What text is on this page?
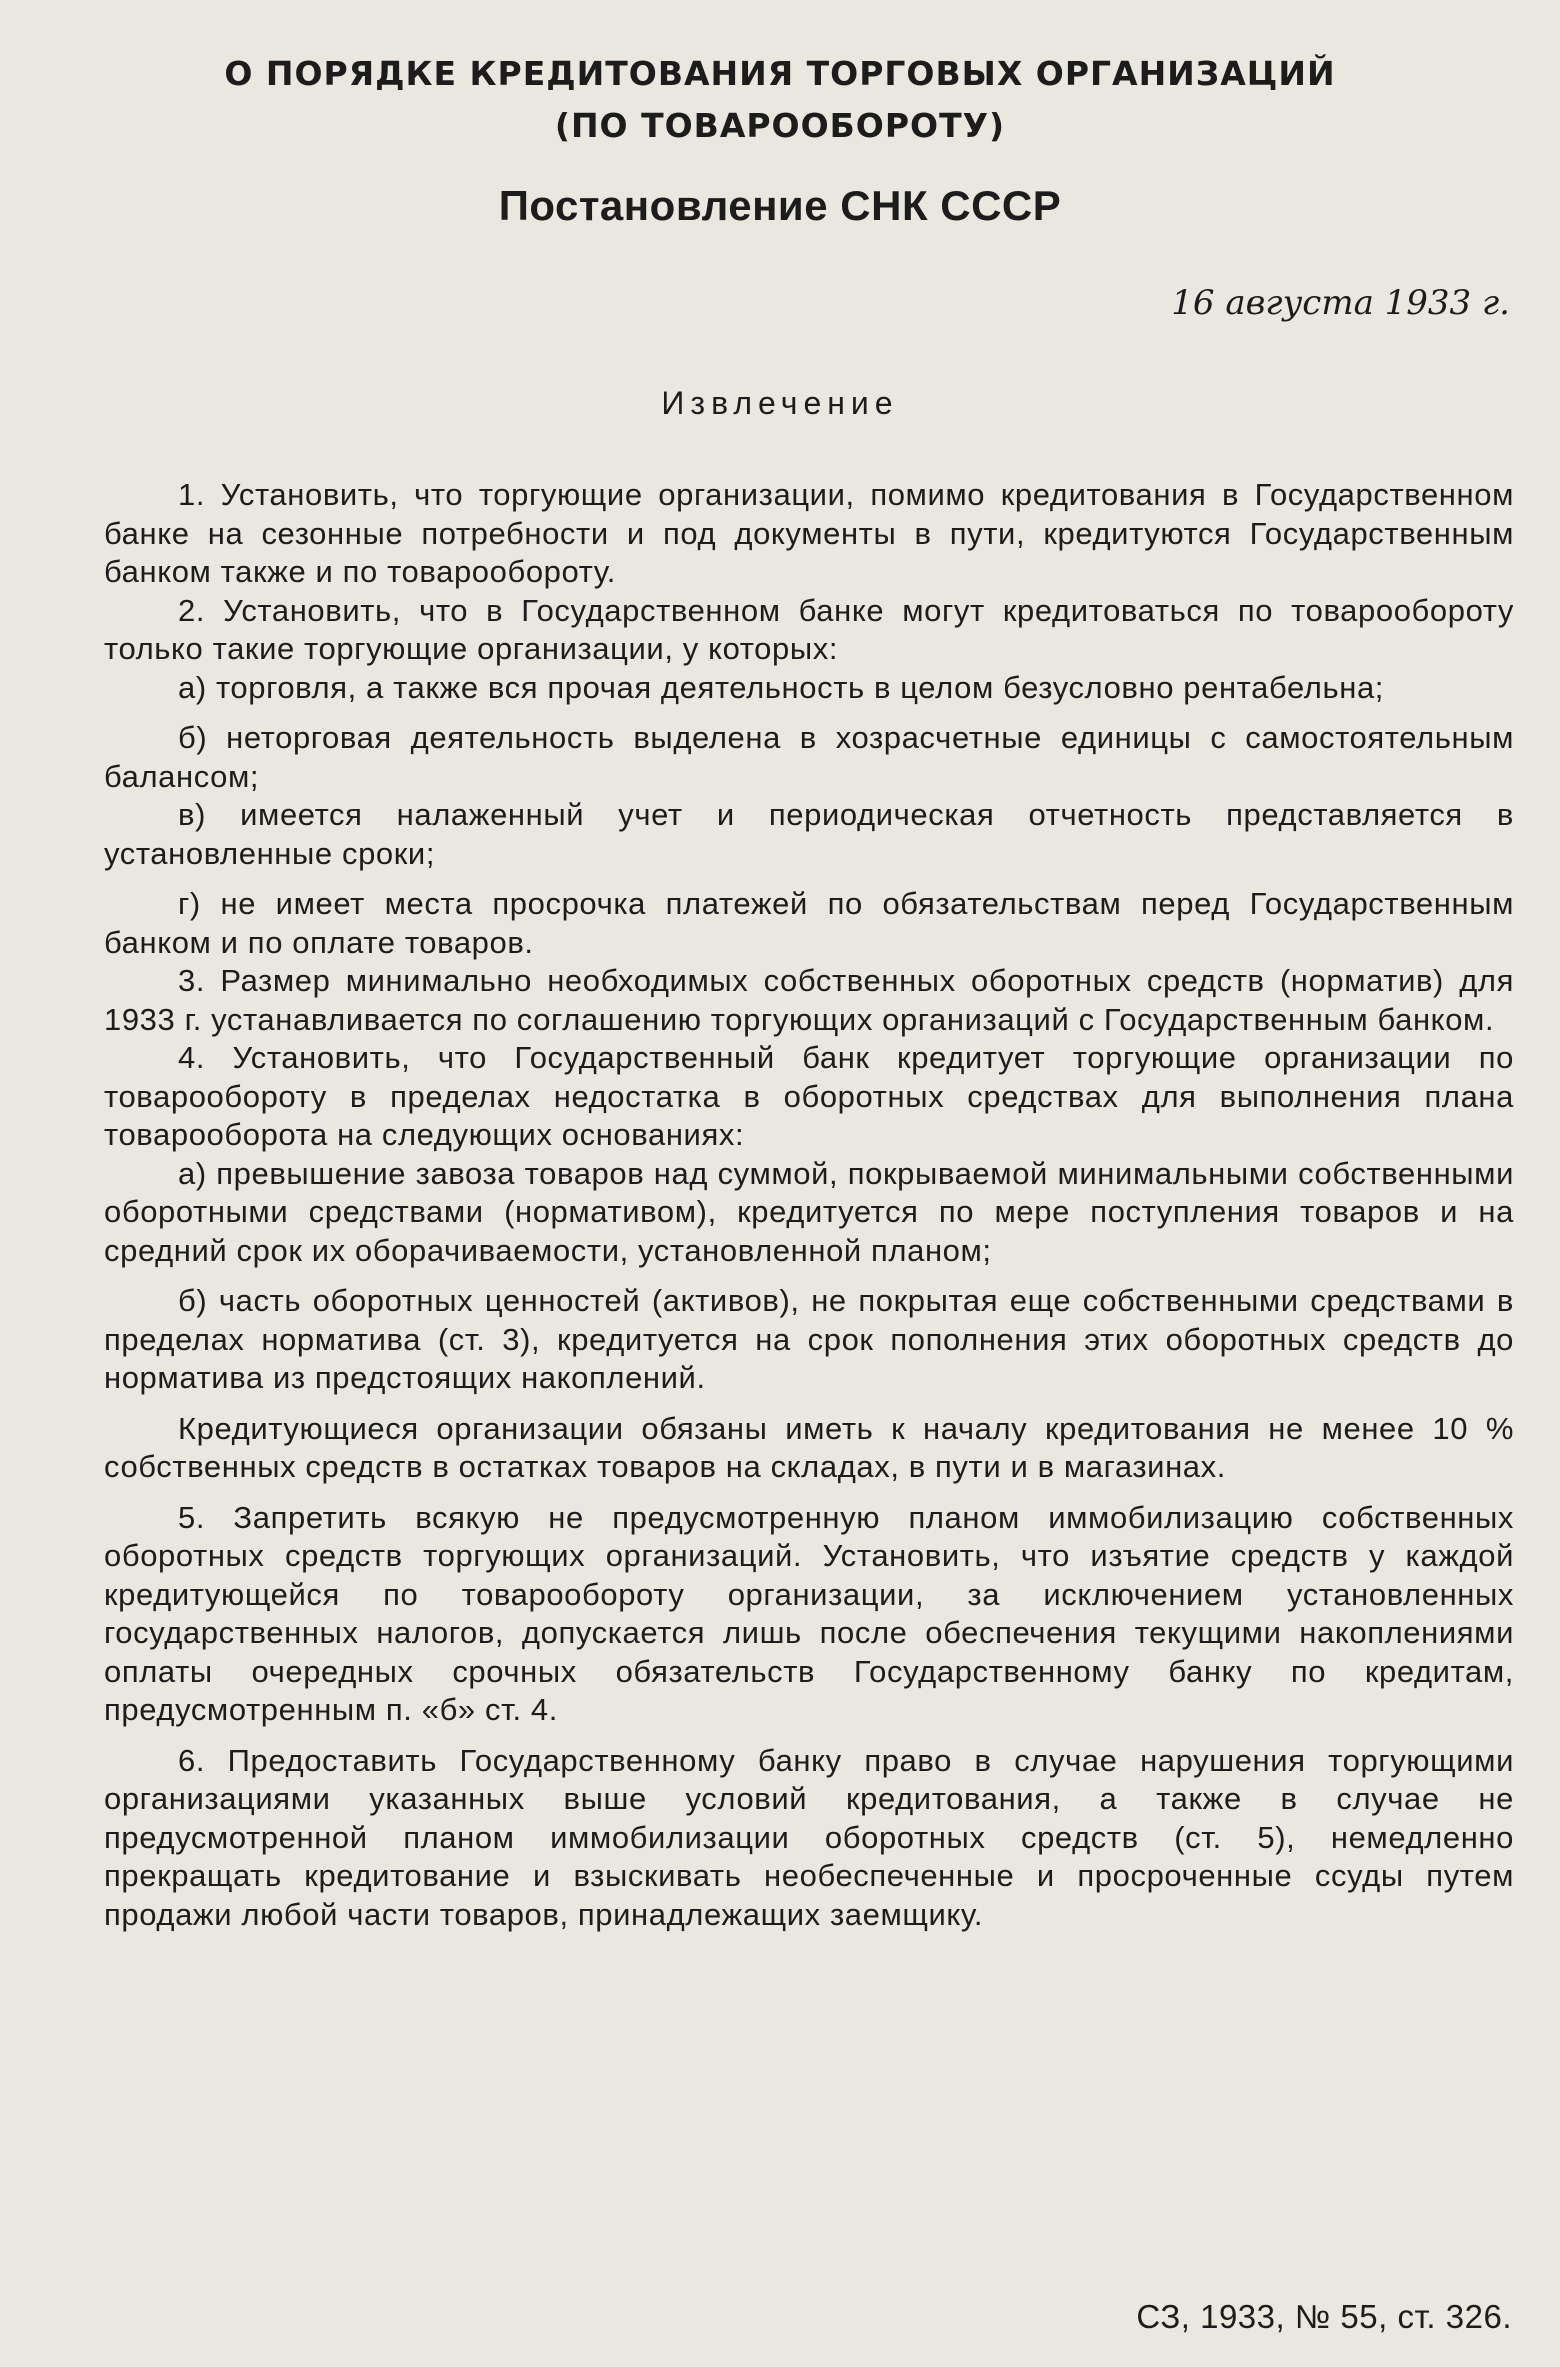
О ПОРЯДКЕ КРЕДИТОВАНИЯ ТОРГОВЫХ ОРГАНИЗАЦИЙ
(ПО ТОВАРООБОРОТУ)
Постановление СНК СССР
16 августа 1933 г.
Извлечение

1. Установить, что торгующие организации, помимо кредитования в Государственном банке на сезонные потребности и под документы в пути, кредитуются Государственным банком также и по товарообороту.

2. Установить, что в Государственном банке могут кредитоваться по товарообороту только такие торгующие организации, у которых:

а) торговля, а также вся прочая деятельность в целом безусловно рентабельна;

б) неторговая деятельность выделена в хозрасчетные единицы с самостоятельным балансом;

в) имеется налаженный учет и периодическая отчетность представляется в установленные сроки;

г) не имеет места просрочка платежей по обязательствам перед Государственным банком и по оплате товаров.

3. Размер минимально необходимых собственных оборотных средств (норматив) для 1933 г. устанавливается по соглашению торгующих организаций с Государственным банком.

4. Установить, что Государственный банк кредитует торгующие организации по товарообороту в пределах недостатка в оборотных средствах для выполнения плана товарооборота на следующих основаниях:

а) превышение завоза товаров над суммой, покрываемой минимальными собственными оборотными средствами (нормативом), кредитуется по мере поступления товаров и на средний срок их оборачиваемости, установленной планом;

б) часть оборотных ценностей (активов), не покрытая еще собственными средствами в пределах норматива (ст. 3), кредитуется на срок пополнения этих оборотных средств до норматива из предстоящих накоплений.

Кредитующиеся организации обязаны иметь к началу кредитования не менее 10 % собственных средств в остатках товаров на складах, в пути и в магазинах.

5. Запретить всякую не предусмотренную планом иммобилизацию собственных оборотных средств торгующих организаций. Установить, что изъятие средств у каждой кредитующейся по товарообороту организации, за исключением установленных государственных налогов, допускается лишь после обеспечения текущими накоплениями оплаты очередных срочных обязательств Государственному банку по кредитам, предусмотренным п. «б» ст. 4.

6. Предоставить Государственному банку право в случае нарушения торгующими организациями указанных выше условий кредитования, а также в случае не предусмотренной планом иммобилизации оборотных средств (ст. 5), немедленно прекращать кредитование и взыскивать необеспеченные и просроченные ссуды путем продажи любой части товаров, принадлежащих заемщику.

СЗ, 1933, № 55, ст. 326.
